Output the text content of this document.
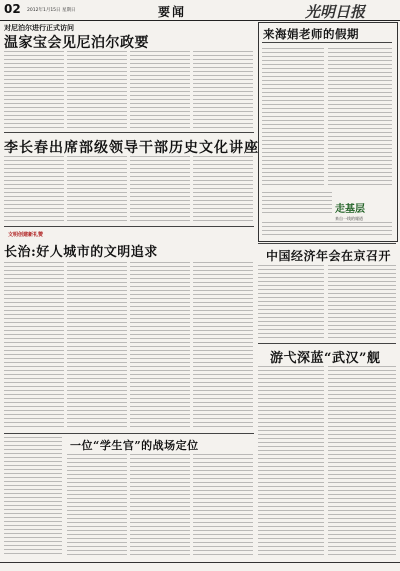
02 2012年1月15日 星期日	要闻	光明日报
对尼泊尔进行正式访问
温家宝会见尼泊尔政要
来海娟老师的假期
走基层
来自一线的報道
李长春出席部级领导干部历史文化讲座
文明创建新礼赞
长治:好人城市的文明追求	中国经济年会在京召开
游弋深蓝“武汉”舰
一位“学生官”的战场定位
